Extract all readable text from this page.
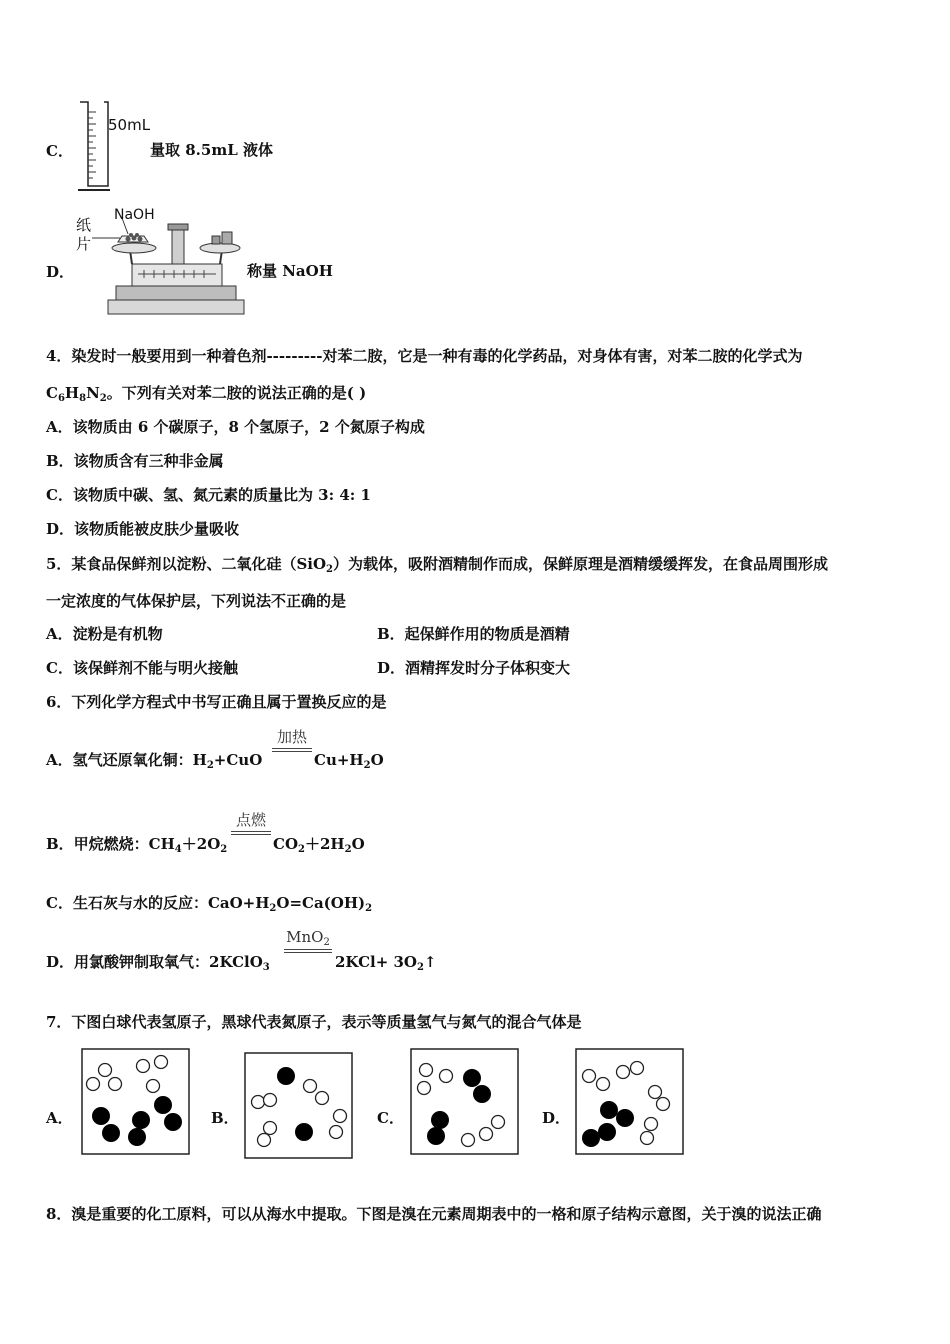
C．
50mL
量取 8.5mL 液体
D．
NaOH
纸片
称量 NaOH
4．染发时一般要用到一种着色剂---------对苯二胺，它是一种有毒的化学药品，对身体有害，对苯二胺的化学式为
$C_6H_8N_2$。下列有关对苯二胺的说法正确的是( )
A．该物质由 6 个碳原子，8 个氢原子，2 个氮原子构成
B．该物质含有三种非金属
C．该物质中碳、氢、氮元素的质量比为 3: 4: 1
D．该物质能被皮肤少量吸收
5．某食品保鲜剂以淀粉、二氧化硅（SiO$_2$）为载体，吸附酒精制作而成，保鲜原理是酒精缓缓挥发，在食品周围形成
一定浓度的气体保护层，下列说法不正确的是
A．淀粉是有机物	B．起保鲜作用的物质是酒精
C．该保鲜剂不能与明火接触	D．酒精挥发时分子体积变大
6．下列化学方程式中书写正确且属于置换反应的是
A．氢气还原氧化铜：$H_2+CuO$
加热
$Cu+H_2O$
B．甲烷燃烧：$CH_4+2O_2$
点燃
$CO_2+2H_2O$
C．生石灰与水的反应：$CaO+H_2O=Ca(OH)_2$
D．用氯酸钾制取氧气：2KClO$_3$
MnO$_2$
$2KCl+ 3O_2↑$
7．下图白球代表氢原子，黑球代表氮原子，表示等质量氢气与氮气的混合气体是
A．	B．	C．	D．
8．溴是重要的化工原料，可以从海水中提取。下图是溴在元素周期表中的一格和原子结构示意图，关于溴的说法正确
